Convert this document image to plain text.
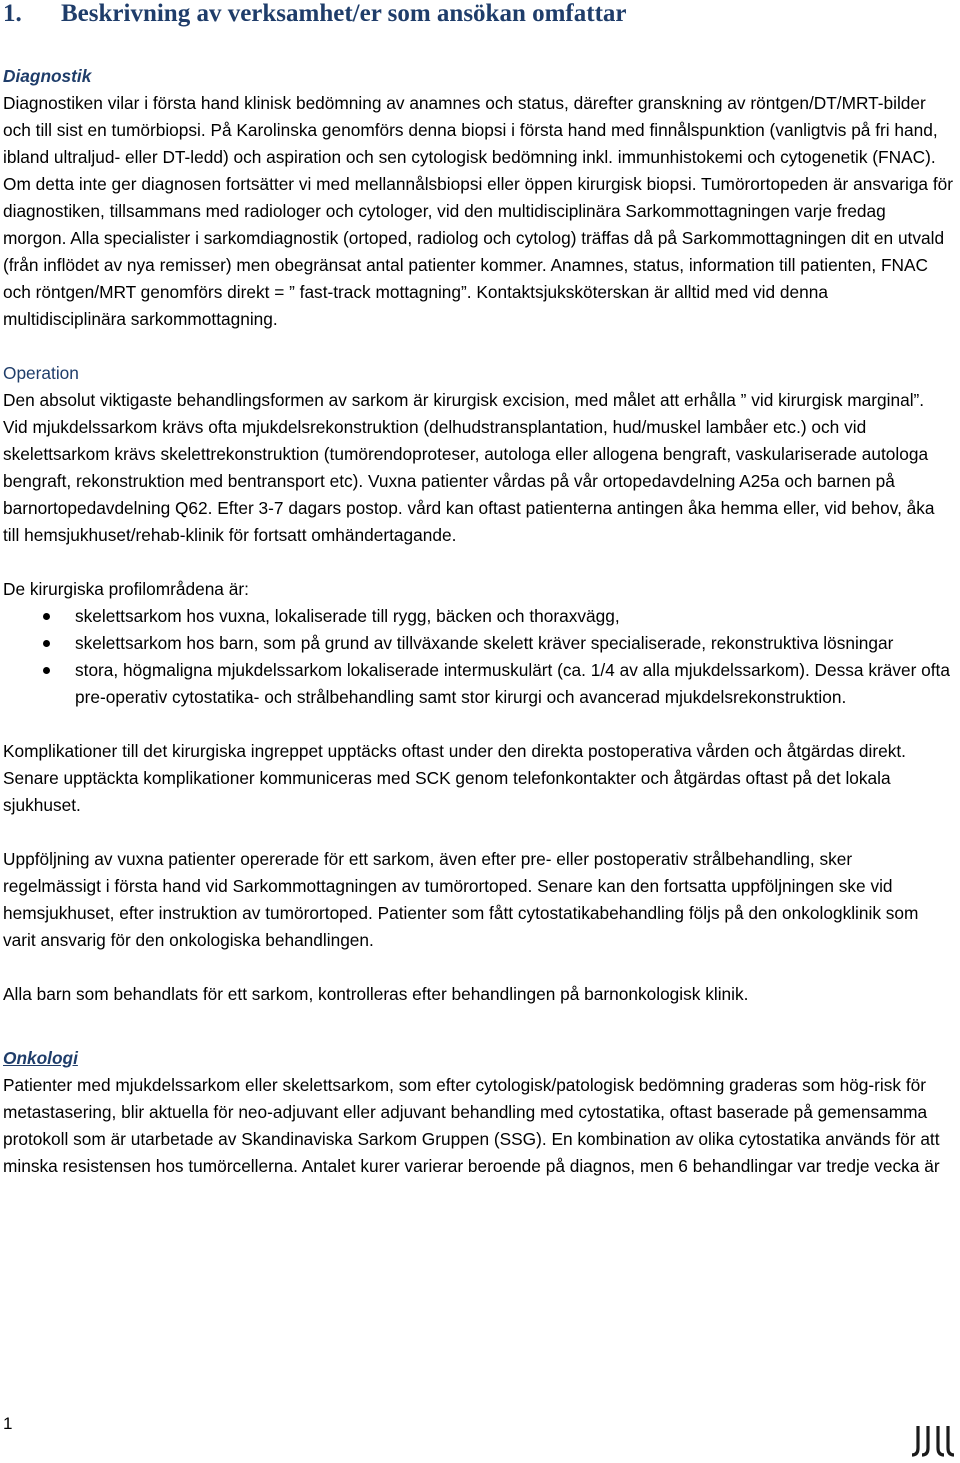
1. Beskrivning av verksamhet/er som ansökan omfattar

Diagnostik

Diagnostiken vilar i första hand klinisk bedömning av anamnes och status, därefter granskning av röntgen/DT/MRT-bilder och till sist en tumörbiopsi. På Karolinska genomförs denna biopsi i första hand med finnålspunktion (vanligtvis på fri hand, ibland ultraljud- eller DT-ledd) och aspiration och sen cytologisk bedömning inkl. immunhistokemi och cytogenetik (FNAC). Om detta inte ger diagnosen fortsätter vi med mellannålsbiopsi eller öppen kirurgisk biopsi. Tumörortopeden är ansvariga för diagnostiken, tillsammans med radiologer och cytologer, vid den multidisciplinära Sarkommottagningen varje fredag morgon. Alla specialister i sarkomdiagnostik (ortoped, radiolog och cytolog) träffas då på Sarkommottagningen dit en utvald (från inflödet av nya remisser) men obegränsat antal patienter kommer. Anamnes, status, information till patienten, FNAC och röntgen/MRT genomförs direkt = ” fast-track mottagning”. Kontaktsjuksköterskan är alltid med vid denna multidisciplinära sarkommottagning.

Operation

Den absolut viktigaste behandlingsformen av sarkom är kirurgisk excision, med målet att erhålla ” vid kirurgisk marginal”. Vid mjukdelssarkom krävs ofta mjukdelsrekonstruktion (delhudstransplantation, hud/muskel lambåer etc.) och vid skelettsarkom krävs skelettrekonstruktion (tumörendoproteser, autologa eller allogena bengraft, vaskulariserade autologa bengraft, rekonstruktion med bentransport etc). Vuxna patienter vårdas på vår ortopedavdelning A25a och barnen på barnortopedavdelning Q62. Efter 3-7 dagars postop. vård kan oftast patienterna antingen åka hemma eller, vid behov, åka till hemsjukhuset/rehab-klinik för fortsatt omhändertagande.

De kirurgiska profilområdena är:

skelettsarkom hos vuxna, lokaliserade till rygg, bäcken och thoraxvägg,
skelettsarkom hos barn, som på grund av tillväxande skelett kräver specialiserade, rekonstruktiva lösningar
stora, högmaligna mjukdelssarkom lokaliserade intermuskulärt (ca. 1/4 av alla mjukdelssarkom). Dessa kräver ofta pre-operativ cytostatika- och strålbehandling samt stor kirurgi och avancerad mjukdelsrekonstruktion.

Komplikationer till det kirurgiska ingreppet upptäcks oftast under den direkta postoperativa vården och åtgärdas direkt. Senare upptäckta komplikationer kommuniceras med SCK genom telefonkontakter och åtgärdas oftast på det lokala sjukhuset.

Uppföljning av vuxna patienter opererade för ett sarkom, även efter pre- eller postoperativ strålbehandling, sker regelmässigt i första hand vid Sarkommottagningen av tumörortoped. Senare kan den fortsatta uppföljningen ske vid hemsjukhuset, efter instruktion av tumörortoped. Patienter som fått cytostatikabehandling följs på den onkologklinik som varit ansvarig för den onkologiska behandlingen.

Alla barn som behandlats för ett sarkom, kontrolleras efter behandlingen på barnonkologisk klinik.

Onkologi

Patienter med mjukdelssarkom eller skelettsarkom, som efter cytologisk/patologisk bedömning graderas som hög-risk för metastasering, blir aktuella för neo-adjuvant eller adjuvant behandling med cytostatika, oftast baserade på gemensamma protokoll som är utarbetade av Skandinaviska Sarkom Gruppen (SSG). En kombination av olika cytostatika används för att minska resistensen hos tumörcellerna. Antalet kurer varierar beroende på diagnos, men 6 behandlingar var tredje vecka är

1
